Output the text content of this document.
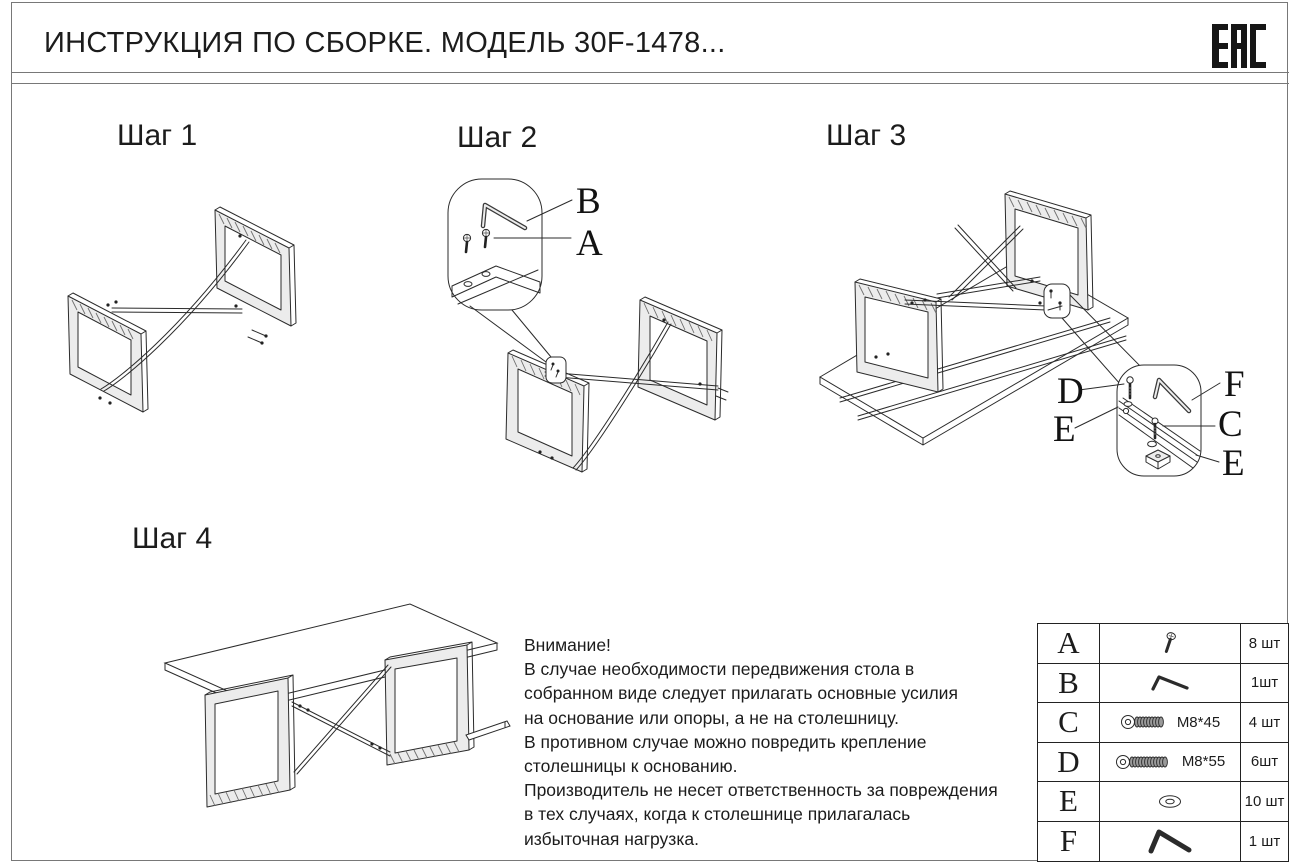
ИНСТРУКЦИЯ ПО СБОРКЕ. МОДЕЛЬ 30F-1478...
Шаг 1	Шаг 2	Шаг 3
Шаг 4
B
A
D
E
F
C
E
Внимание!
В случае необходимости передвижения стола в
собранном виде следует прилагать основные усилия
на основание или опоры, а не на столешницу.
В противном случае можно повредить крепление
столешницы к основанию.
Производитель не несет ответственность за повреждения
в тех случаях, когда к столешнице прилагалась
избыточная нагрузка.
A	8 шт
B	1шт
C	M8*45	4 шт
D	M8*55	6шт
E	10 шт
F	1 шт
